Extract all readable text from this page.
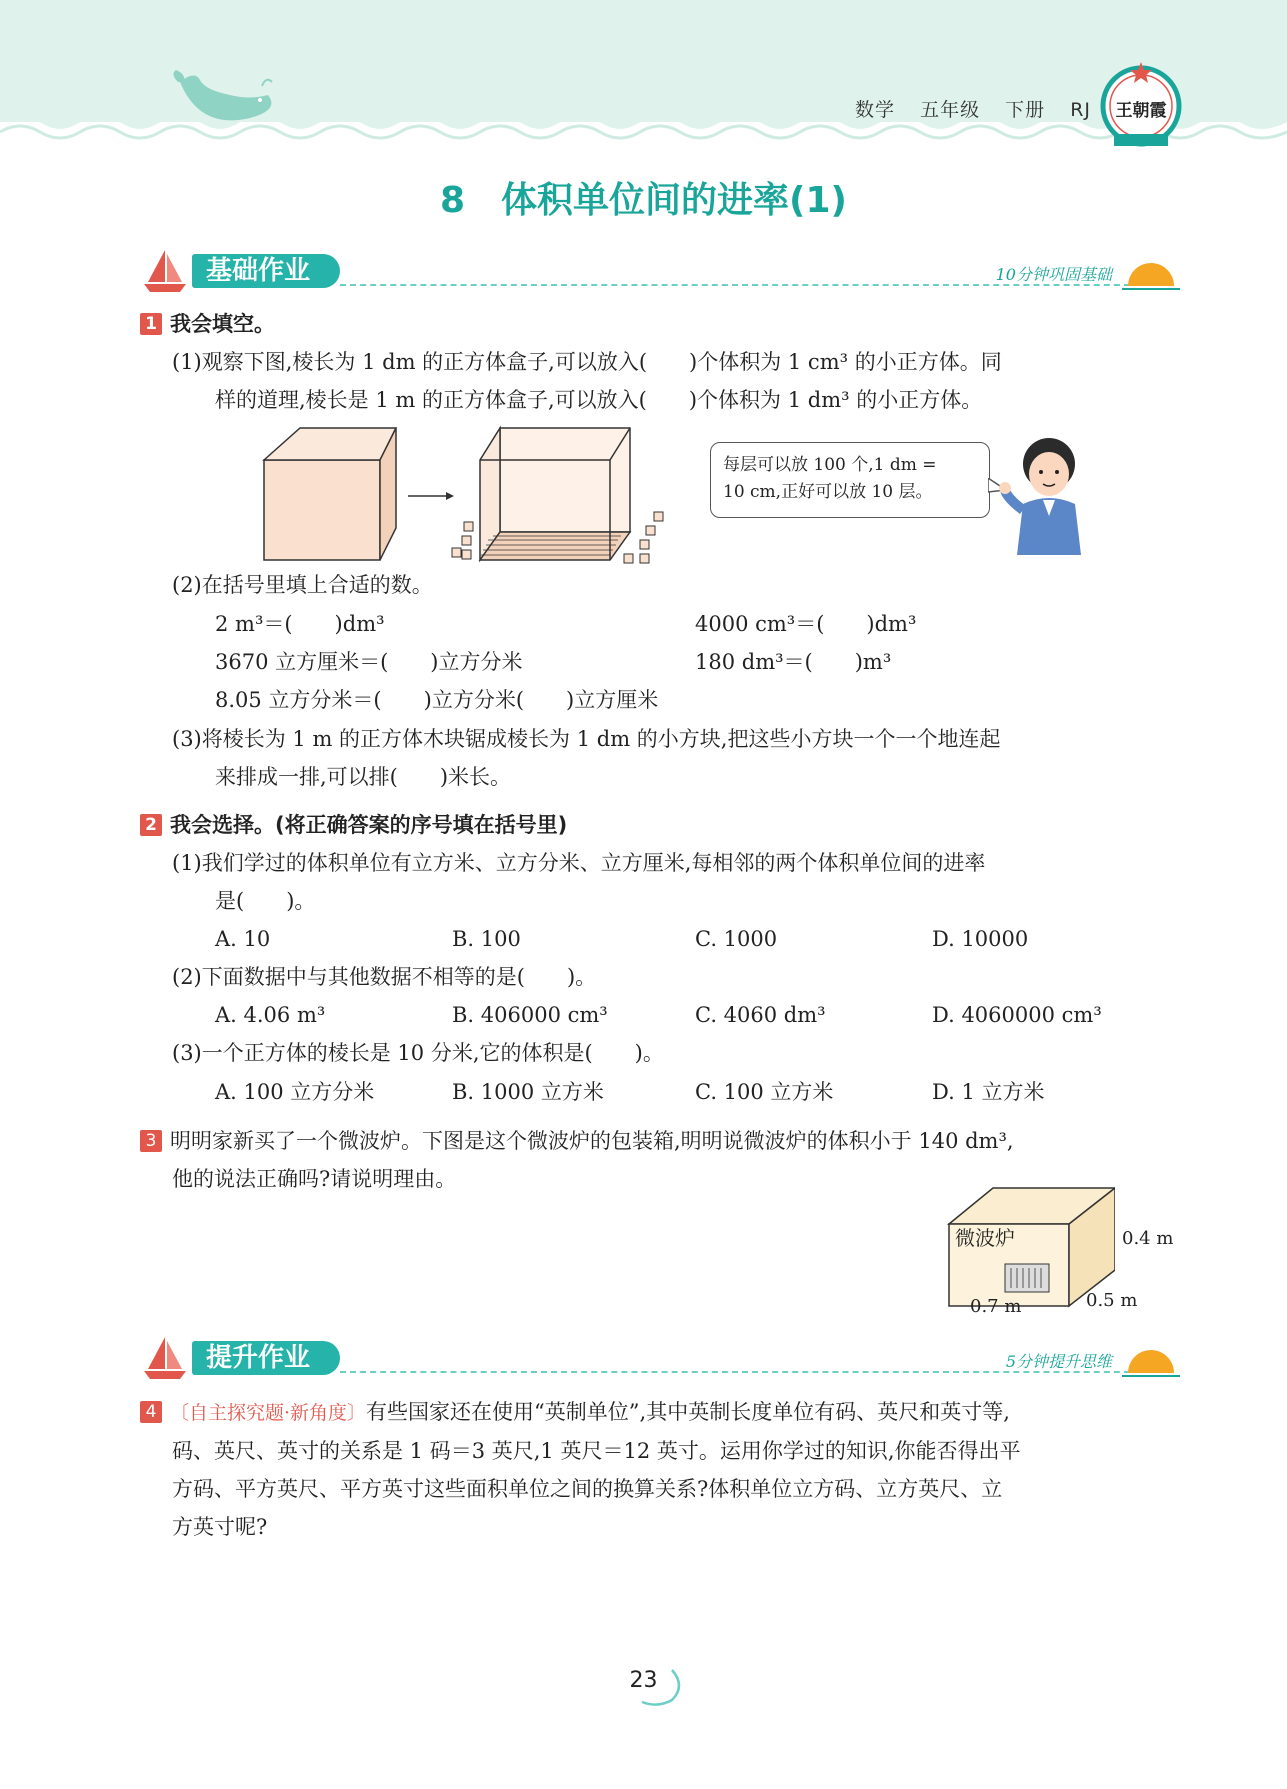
数学 五年级 下册 RJ 王朝霞
8　体积单位间的进率(1)
基础作业	10分钟巩固基础
1 我会填空。
(1)观察下图,棱长为 1 dm 的正方体盒子,可以放入(　　)个体积为 1 cm³ 的小正方体。同
样的道理,棱长是 1 m 的正方体盒子,可以放入(　　)个体积为 1 dm³ 的小正方体。
每层可以放 100 个,1 dm =
10 cm,正好可以放 10 层。
(2)在括号里填上合适的数。
2 m³＝(　　)dm³	4000 cm³＝(　　)dm³
3670 立方厘米＝(　　)立方分米	180 dm³＝(　　)m³
8.05 立方分米＝(　　)立方分米(　　)立方厘米
(3)将棱长为 1 m 的正方体木块锯成棱长为 1 dm 的小方块,把这些小方块一个一个地连起
来排成一排,可以排(　　)米长。
2 我会选择。(将正确答案的序号填在括号里)
(1)我们学过的体积单位有立方米、立方分米、立方厘米,每相邻的两个体积单位间的进率
是(　　)。
A. 10	B. 100	C. 1000	D. 10000
(2)下面数据中与其他数据不相等的是(　　)。
A. 4.06 m³	B. 406000 cm³	C. 4060 dm³	D. 4060000 cm³
(3)一个正方体的棱长是 10 分米,它的体积是(　　)。
A. 100 立方分米	B. 1000 立方米	C. 100 立方米	D. 1 立方米
3 明明家新买了一个微波炉。下图是这个微波炉的包装箱,明明说微波炉的体积小于 140 dm³,
他的说法正确吗?请说明理由。
微波炉	0.4 m
0.5 m
0.7 m
提升作业	5分钟提升思维
4 〔自主探究题·新角度〕有些国家还在使用“英制单位”,其中英制长度单位有码、英尺和英寸等,
码、英尺、英寸的关系是 1 码＝3 英尺,1 英尺＝12 英寸。运用你学过的知识,你能否得出平
方码、平方英尺、平方英寸这些面积单位之间的换算关系?体积单位立方码、立方英尺、立
方英寸呢?
23
